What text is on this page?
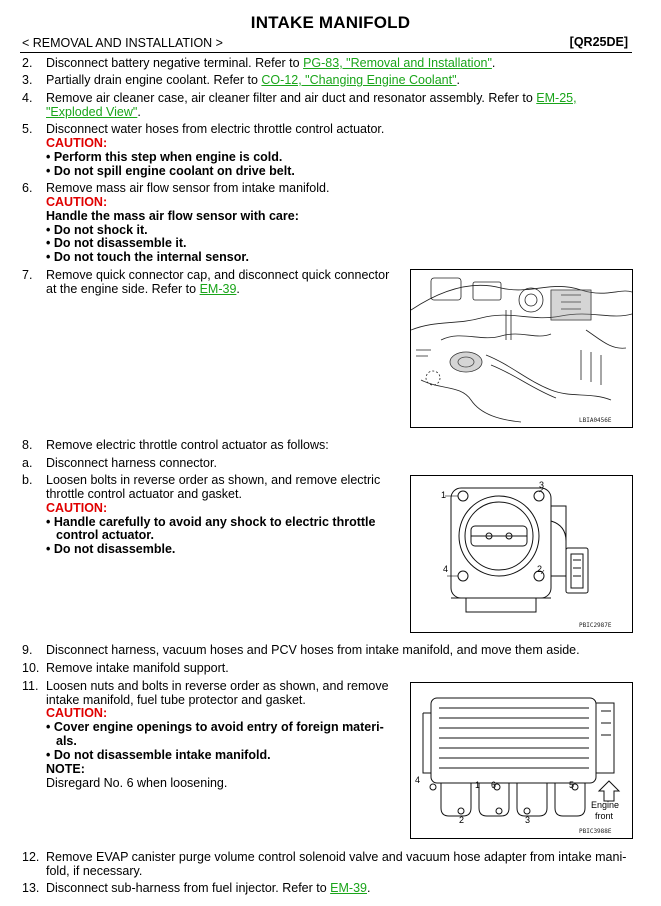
INTAKE MANIFOLD
< REMOVAL AND INSTALLATION >	[QR25DE]
2. Disconnect battery negative terminal. Refer to PG-83, "Removal and Installation".
3. Partially drain engine coolant. Refer to CO-12, "Changing Engine Coolant".
4. Remove air cleaner case, air cleaner filter and air duct and resonator assembly. Refer to EM-25,
"Exploded View".
5. Disconnect water hoses from electric throttle control actuator.
CAUTION:
• Perform this step when engine is cold.
• Do not spill engine coolant on drive belt.
6. Remove mass air flow sensor from intake manifold.
CAUTION:
Handle the mass air flow sensor with care:
• Do not shock it.
• Do not disassemble it.
• Do not touch the internal sensor.
7. Remove quick connector cap, and disconnect quick connector
at the engine side. Refer to EM-39.
LBIA0456E
8. Remove electric throttle control actuator as follows:
a. Disconnect harness connector.
b. Loosen bolts in reverse order as shown, and remove electric
throttle control actuator and gasket.
CAUTION:
• Handle carefully to avoid any shock to electric throttle
control actuator.
• Do not disassemble.
1
2
3
4
PBIC2987E
9. Disconnect harness, vacuum hoses and PCV hoses from intake manifold, and move them aside.
10. Remove intake manifold support.
11. Loosen nuts and bolts in reverse order as shown, and remove
intake manifold, fuel tube protector and gasket.
CAUTION:
• Cover engine openings to avoid entry of foreign materi-
als.
• Do not disassemble intake manifold.
NOTE:
Disregard No. 6 when loosening.	1
2	3
4	5
6
Engine
front
PBIC3988E
12. Remove EVAP canister purge volume control solenoid valve and vacuum hose adapter from intake mani-
fold, if necessary.
13. Disconnect sub-harness from fuel injector. Refer to EM-39.
